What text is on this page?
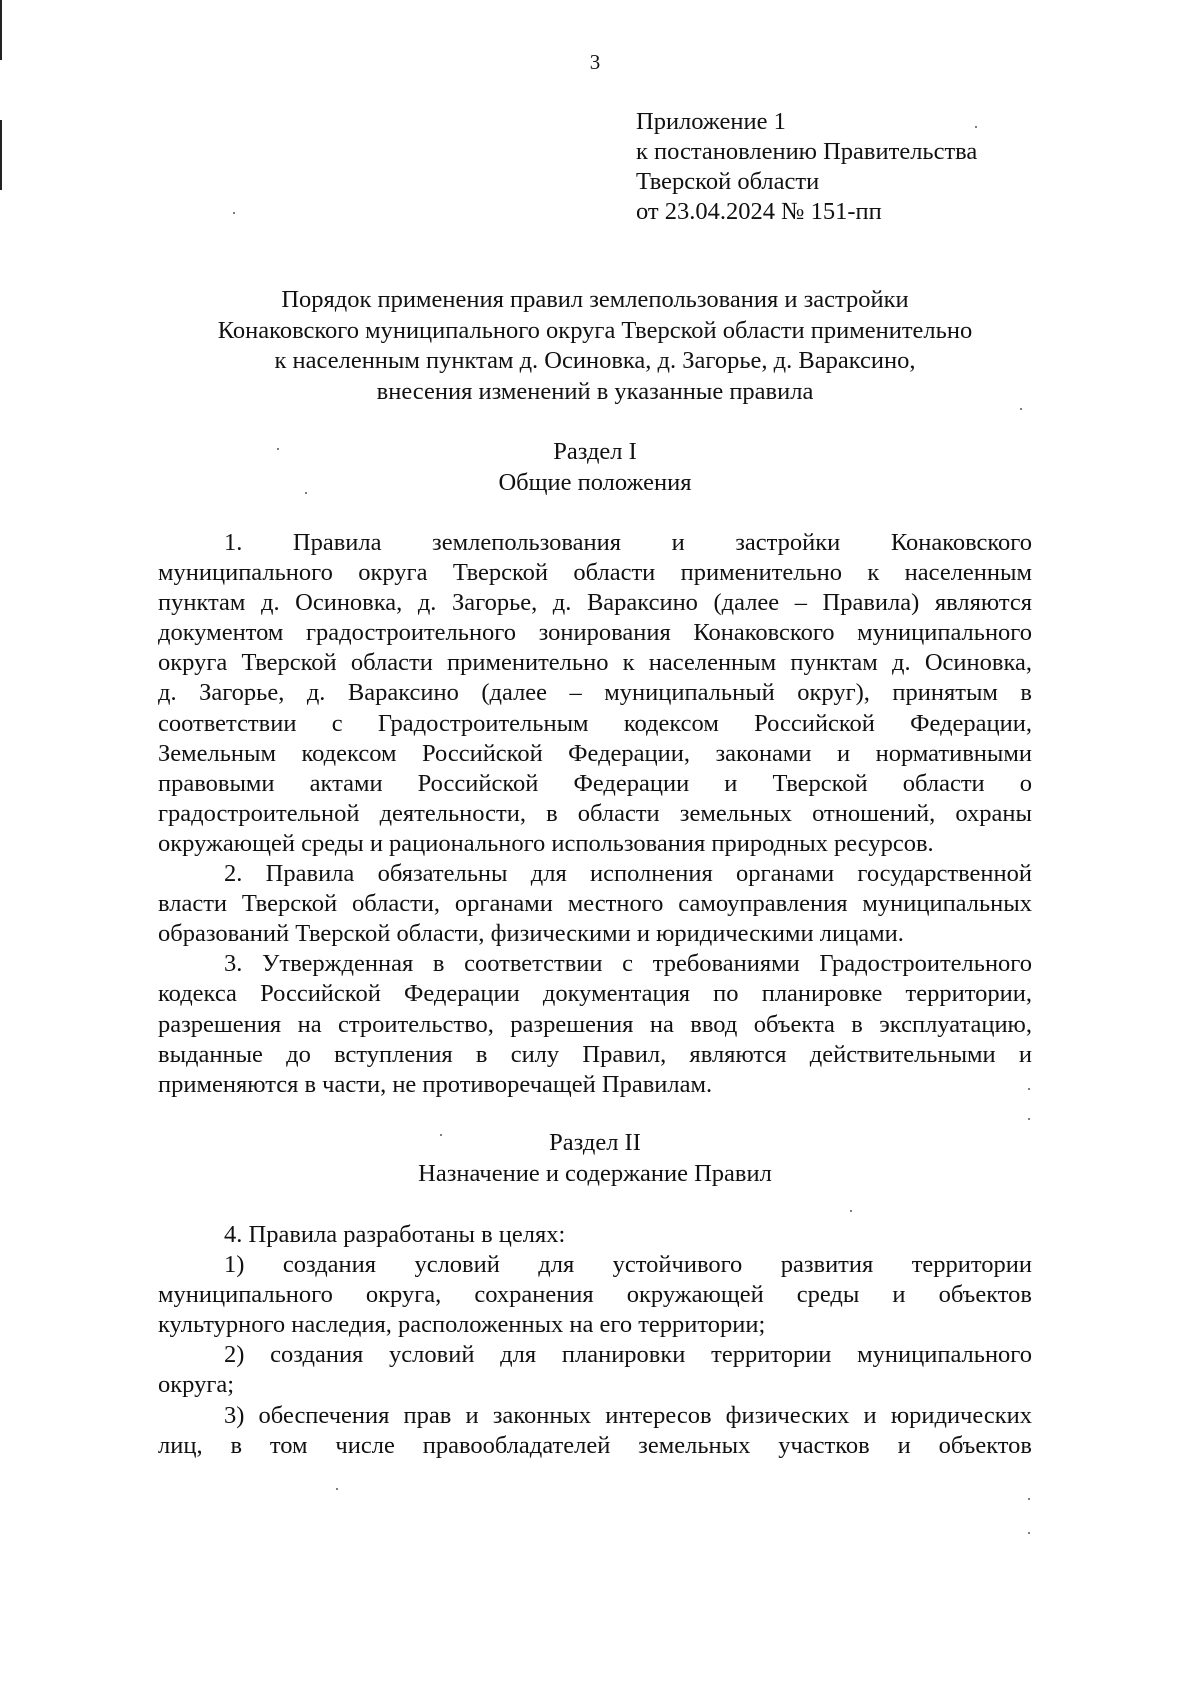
3
Приложение 1
к постановлению Правительства
Тверской области
от 23.04.2024 № 151-пп
Порядок применения правил землепользования и застройки
Конаковского муниципального округа Тверской области применительно
к населенным пунктам д. Осиновка, д. Загорье, д. Вараксино,
внесения изменений в указанные правила
Раздел I
Общие положения
1. Правила землепользования и застройки Конаковского
муниципального округа Тверской области применительно к населенным
пунктам д. Осиновка, д. Загорье, д. Вараксино (далее – Правила) являются
документом градостроительного зонирования Конаковского муниципального
округа Тверской области применительно к населенным пунктам д. Осиновка,
д. Загорье, д. Вараксино (далее – муниципальный округ), принятым в
соответствии с Градостроительным кодексом Российской Федерации,
Земельным кодексом Российской Федерации, законами и нормативными
правовыми актами Российской Федерации и Тверской области о
градостроительной деятельности, в области земельных отношений, охраны
окружающей среды и рационального использования природных ресурсов.
2. Правила обязательны для исполнения органами государственной
власти Тверской области, органами местного самоуправления муниципальных
образований Тверской области, физическими и юридическими лицами.
3. Утвержденная в соответствии с требованиями Градостроительного
кодекса Российской Федерации документация по планировке территории,
разрешения на строительство, разрешения на ввод объекта в эксплуатацию,
выданные до вступления в силу Правил, являются действительными и
применяются в части, не противоречащей Правилам.
Раздел II
Назначение и содержание Правил
4. Правила разработаны в целях:
1) создания условий для устойчивого развития территории
муниципального округа, сохранения окружающей среды и объектов
культурного наследия, расположенных на его территории;
2) создания условий для планировки территории муниципального
округа;
3) обеспечения прав и законных интересов физических и юридических
лиц, в том числе правообладателей земельных участков и объектов
